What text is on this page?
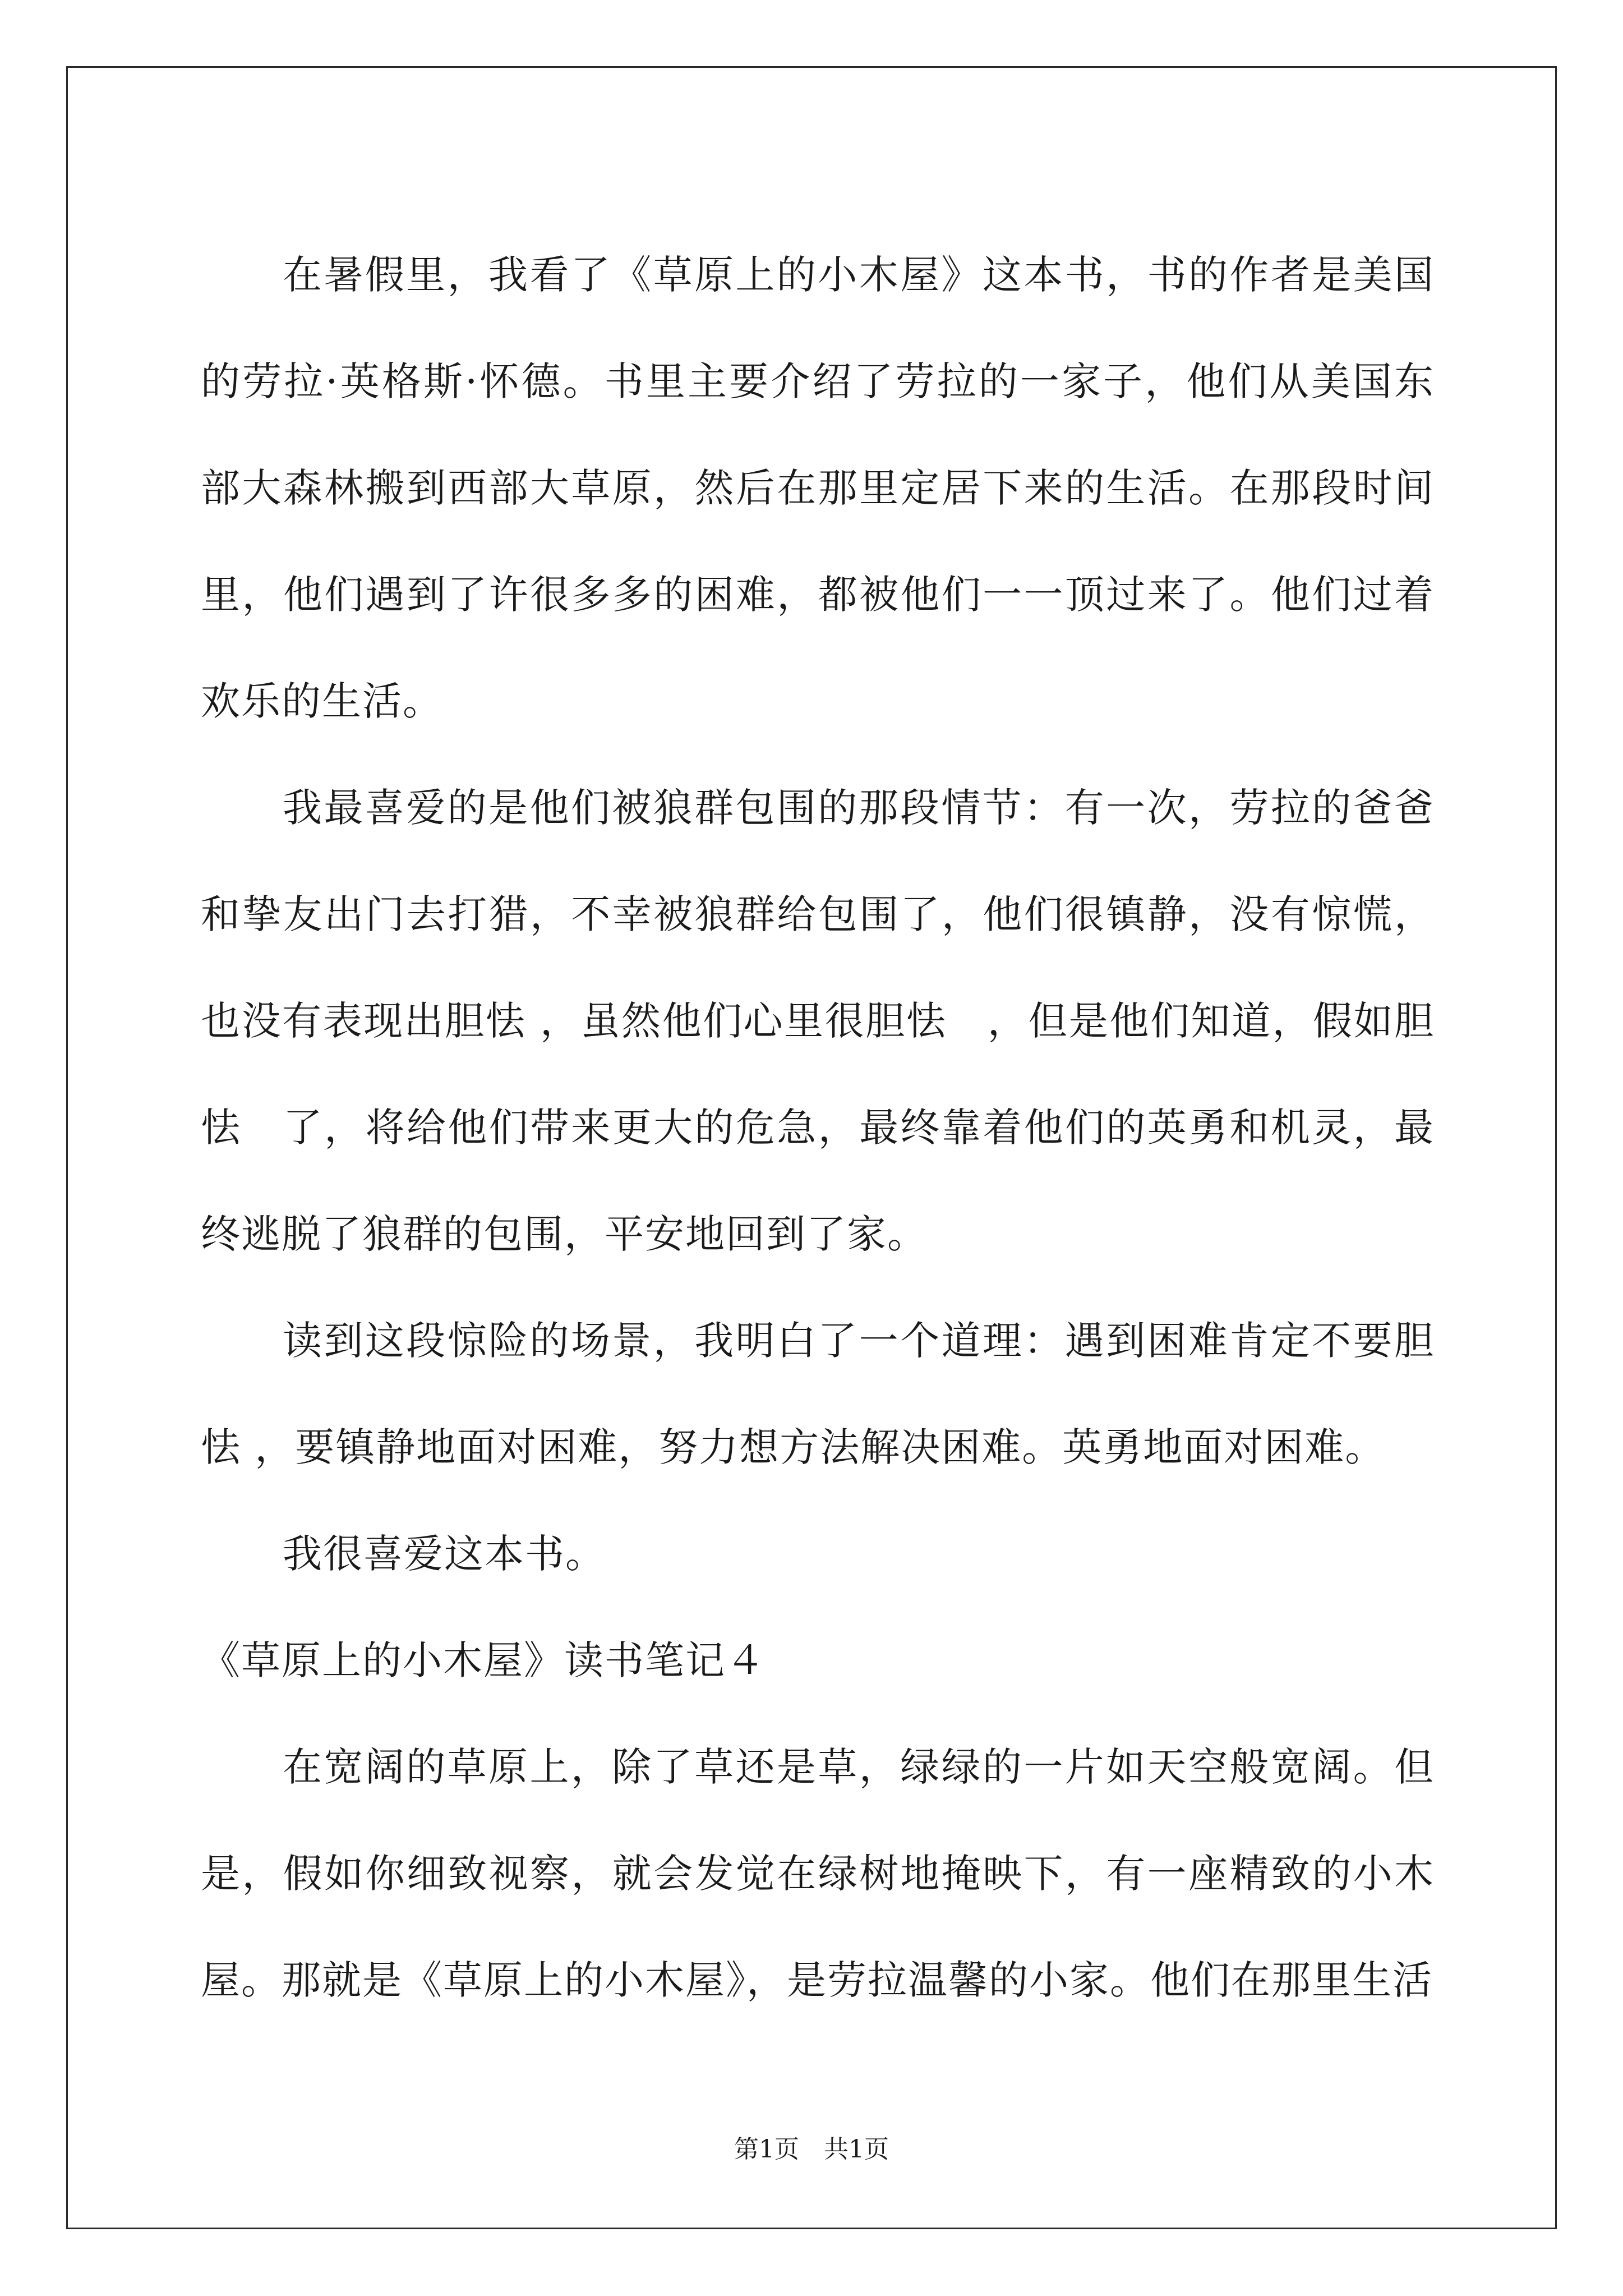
在暑假里，我看了《草原上的小木屋》这本书，书的作者是美国的劳拉·英格斯·怀德。书里主要介绍了劳拉的一家子，他们从美国东部大森林搬到西部大草原，然后在那里定居下来的生活。在那段时间里，他们遇到了许很多多的困难，都被他们一一顶过来了。他们过着欢乐的生活。

我最喜爱的是他们被狼群包围的那段情节：有一次，劳拉的爸爸和挚友出门去打猎，不幸被狼群给包围了，他们很镇静，没有惊慌，也没有表现出胆怯 ，虽然他们心里很胆怯　，但是他们知道，假如胆怯　了，将给他们带来更大的危急，最终靠着他们的英勇和机灵，最终逃脱了狼群的包围，平安地回到了家。

读到这段惊险的场景，我明白了一个道理：遇到困难肯定不要胆怯 ，要镇静地面对困难，努力想方法解决困难。英勇地面对困难。

我很喜爱这本书。

《草原上的小木屋》读书笔记４

在宽阔的草原上，除了草还是草，绿绿的一片如天空般宽阔。但是，假如你细致视察，就会发觉在绿树地掩映下，有一座精致的小木屋。那就是《草原上的小木屋》，是劳拉温馨的小家。他们在那里生活

第1页　共1页
